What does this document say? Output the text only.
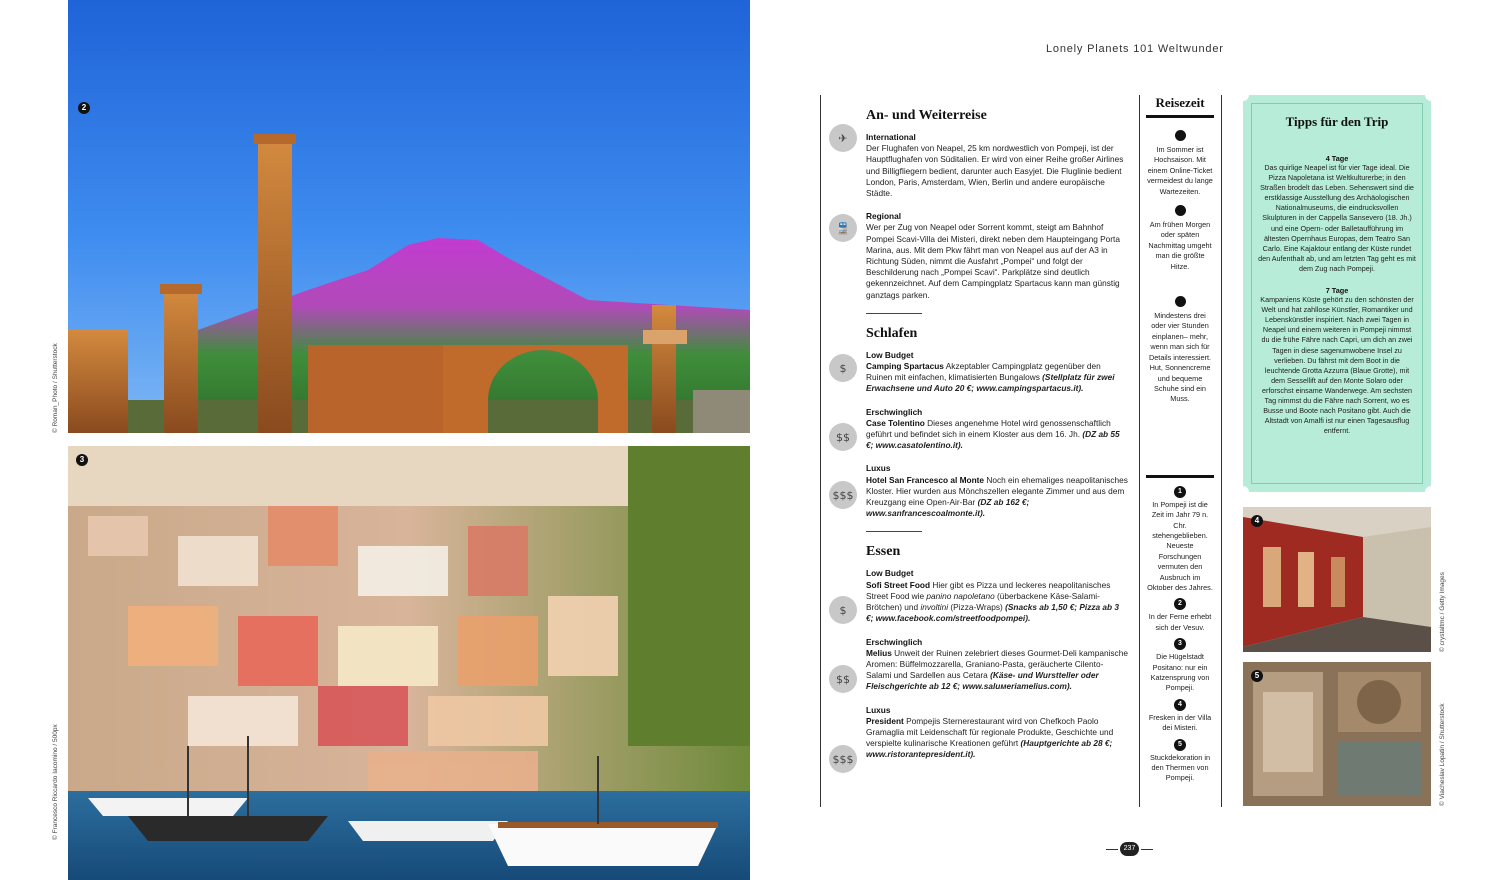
2
© Roman_Photo / Shutterstock
3
© Francesco Riccardo Iacomino / 500px
Lonely Planets 101 Weltwunder
✈
🚆
$
$$
$$$
$
$$
$$$
An- und Weiterreise
International
Der Flughafen von Neapel, 25 km nordwestlich von Pompeji, ist der Hauptflughafen von Süditalien. Er wird von einer Reihe großer Airlines und Billigfliegern bedient, darunter auch Easyjet. Die Fluglinie bedient London, Paris, Amsterdam, Wien, Berlin und andere europäische Städte.
Regional
Wer per Zug von Neapel oder Sorrent kommt, steigt am Bahnhof Pompei Scavi-Villa dei Misteri, direkt neben dem Haupteingang Porta Marina, aus. Mit dem Pkw fährt man von Neapel aus auf der A3 in Richtung Süden, nimmt die Ausfahrt „Pompei“ und folgt der Beschilderung nach „Pompei Scavi“. Parkplätze sind deutlich gekennzeichnet. Auf dem Campingplatz Spartacus kann man günstig ganztags parken.
Schlafen
Low Budget
Camping Spartacus Akzeptabler Campingplatz gegenüber den Ruinen mit einfachen, klimatisierten Bungalows (Stellplatz für zwei Erwachsene und Auto 20 €; www.campingspartacus.it).
Erschwinglich
Case Tolentino Dieses angenehme Hotel wird genossenschaftlich geführt und befindet sich in einem Kloster aus dem 16. Jh. (DZ ab 55 €; www.casatolentino.it).
Luxus
Hotel San Francesco al Monte Noch ein ehemaliges neapolitanisches Kloster. Hier wurden aus Mönchszellen elegante Zimmer und aus dem Kreuzgang eine Open-Air-Bar (DZ ab 162 €; www.sanfrancescoalmonte.it).
Essen
Low Budget
Sofi Street Food Hier gibt es Pizza und leckeres neapolitanisches Street Food wie panino napoletano (überbackene Käse-Salami-Brötchen) und involtini (Pizza-Wraps) (Snacks ab 1,50 €; Pizza ab 3 €; www.facebook.com/streetfoodpompei).
Erschwinglich
Melius Unweit der Ruinen zelebriert dieses Gourmet-Deli kampanische Aromen: Büffelmozzarella, Graniano-Pasta, geräucherte Cilento-Salami und Sardellen aus Cetara (Käse- und Wurstteller oder Fleischgerichte ab 12 €; www.saluмeriamelius.com).
Luxus
President Pompejis Sternerestaurant wird von Chefkoch Paolo Gramaglia mit Leidenschaft für regionale Produkte, Geschichte und verspielte kulinarische Kreationen geführt (Hauptgerichte ab 28 €; www.ristorantepresident.it).
Reisezeit
Im Sommer ist Hochsaison. Mit einem Online-Ticket vermeidest du lange Wartezeiten.
Am frühen Morgen oder späten Nachmittag umgeht man die größte Hitze.
Mindestens drei oder vier Stunden einplanen– mehr, wenn man sich für Details interessiert. Hut, Sonnencreme und bequeme Schuhe sind ein Muss.
1
In Pompeji ist die Zeit im Jahr 79 n. Chr. stehengeblieben. Neueste Forschungen vermuten den Ausbruch im Oktober des Jahres.
2
In der Ferne erhebt sich der Vesuv.
3
Die Hügelstadt Positano: nur ein Katzensprung von Pompeji.
4
Fresken in der Villa dei Misteri.
5
Stuckdekoration in den Thermen von Pompeji.
Tipps für den Trip
4 Tage
Das quirlige Neapel ist für vier Tage ideal. Die Pizza Napoletana ist Weltkulturerbe; in den Straßen brodelt das Leben. Sehenswert sind die erstklassige Ausstellung des Archäologischen Nationalmuseums, die eindrucksvollen Skulpturen in der Cappella Sansevero (18. Jh.) und eine Opern- oder Balletaufführung im ältesten Opernhaus Europas, dem Teatro San Carlo. Eine Kajaktour entlang der Küste rundet den Aufenthalt ab, und am letzten Tag geht es mit dem Zug nach Pompeji.
7 Tage
Kampaniens Küste gehört zu den schönsten der Welt und hat zahllose Künstler, Romantiker und Lebenskünstler inspiriert. Nach zwei Tagen in Neapel und einem weiteren in Pompeji nimmst du die frühe Fähre nach Capri, um dich an zwei Tagen in diese sagenumwobene Insel zu verlieben. Du fährst mit dem Boot in die leuchtende Grotta Azzurra (Blaue Grotte), mit dem Sessellift auf den Monte Solaro oder erforschst einsame Wanderwege. Am sechsten Tag nimmst du die Fähre nach Sorrent, wo es Busse und Boote nach Positano gibt. Auch die Altstadt von Amalfi ist nur einen Tagesausflug entfernt.
4
© crystaltmc / Getty Images
5
© Viacheslav Lopatin / Shutterstock
237
